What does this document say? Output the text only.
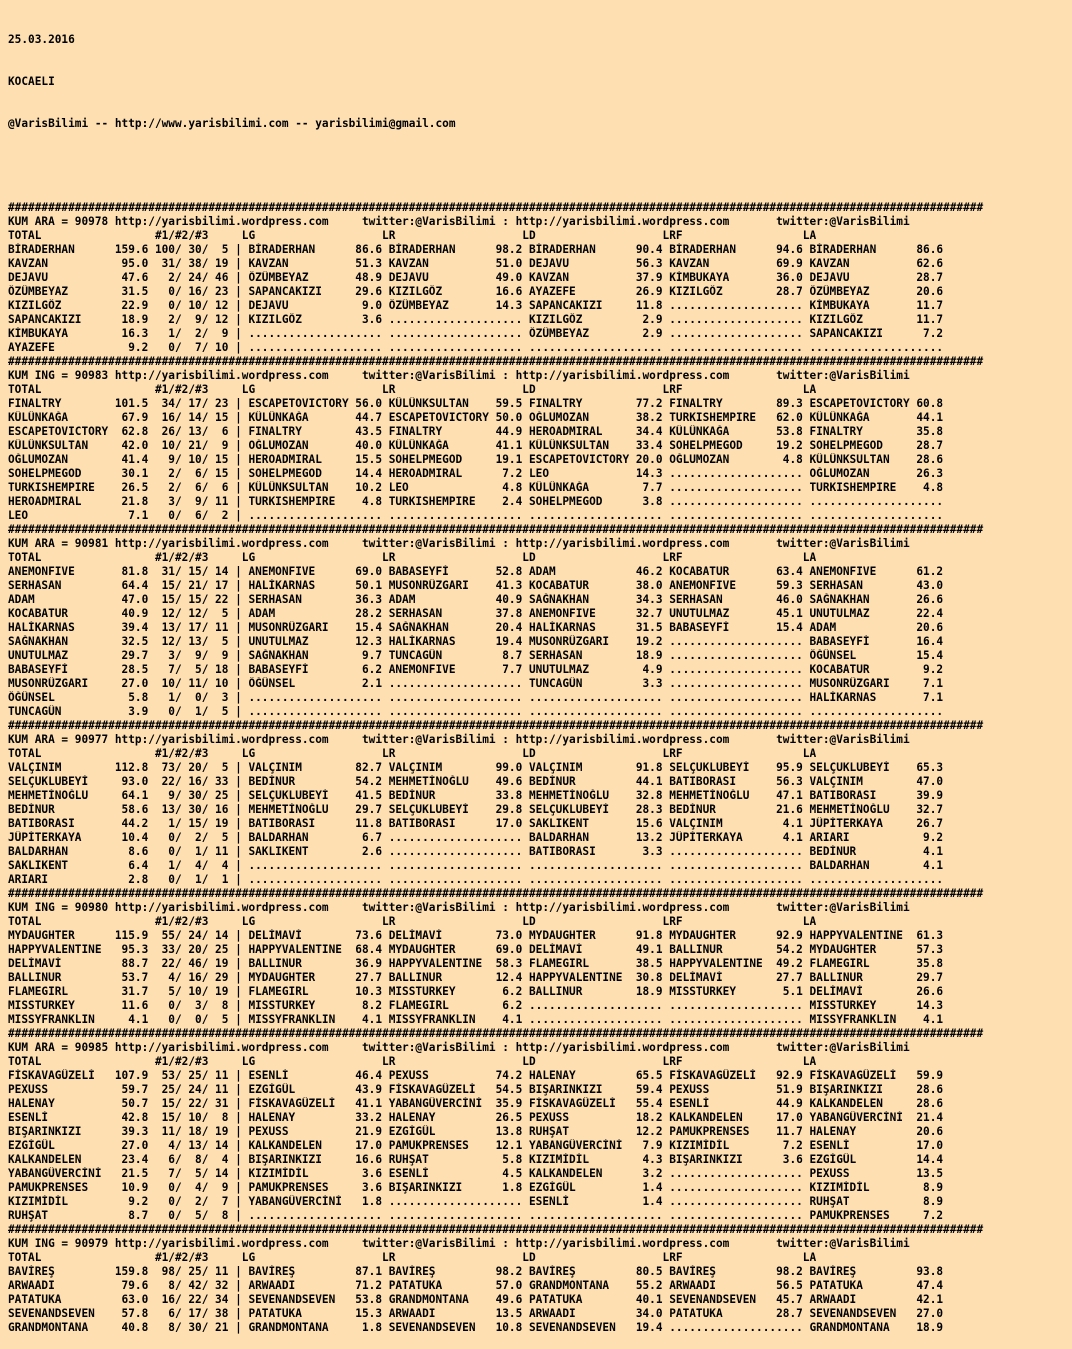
25.03.2016

KOCAELI

@VarisBilimi -- http://www.yarisbilimi.com -- yarisbilimi@gmail.com

##################################################################################################################################################
KUM ARA = 90978 http://yarisbilimi.wordpress.com     twitter:@VarisBilimi : http://yarisbilimi.wordpress.com       twitter:@VarisBilimi
TOTAL                 #1/#2/#3     LG                   LR                   LD                   LRF                  LA
BİRADERHAN      159.6 100/ 30/  5 | BİRADERHAN      86.6 BİRADERHAN      98.2 BİRADERHAN      90.4 BİRADERHAN      94.6 BİRADERHAN      86.6
KAVZAN           95.0  31/ 38/ 19 | KAVZAN          51.3 KAVZAN          51.0 DEJAVU          56.3 KAVZAN          69.9 KAVZAN          62.6
DEJAVU           47.6   2/ 24/ 46 | ÖZÜMBEYAZ       48.9 DEJAVU          49.0 KAVZAN          37.9 KİMBUKAYA       36.0 DEJAVU          28.7
ÖZÜMBEYAZ        31.5   0/ 16/ 23 | SAPANCAKIZI     29.6 KIZILGÖZ        16.6 AYAZEFE         26.9 KIZILGÖZ        28.7 ÖZÜMBEYAZ       20.6
KIZILGÖZ         22.9   0/ 10/ 12 | DEJAVU           9.0 ÖZÜMBEYAZ       14.3 SAPANCAKIZI     11.8 .................... KİMBUKAYA       11.7
SAPANCAKIZI      18.9   2/  9/ 12 | KIZILGÖZ         3.6 .................... KIZILGÖZ         2.9 .................... KIZILGÖZ        11.7
KİMBUKAYA        16.3   1/  2/  9 | .................... .................... ÖZÜMBEYAZ        2.9 .................... SAPANCAKIZI      7.2
AYAZEFE           9.2   0/  7/ 10 | .................... .................... .................... .................... ....................
##################################################################################################################################################
KUM ING = 90983 http://yarisbilimi.wordpress.com     twitter:@VarisBilimi : http://yarisbilimi.wordpress.com       twitter:@VarisBilimi
TOTAL                 #1/#2/#3     LG                   LR                   LD                   LRF                  LA
FINALTRY        101.5  34/ 17/ 23 | ESCAPETOVICTORY 56.0 KÜLÜNKSULTAN    59.5 FINALTRY        77.2 FINALTRY        89.3 ESCAPETOVICTORY 60.8
KÜLÜNKAĞA        67.9  16/ 14/ 15 | KÜLÜNKAĞA       44.7 ESCAPETOVICTORY 50.0 OĞLUMOZAN       38.2 TURKISHEMPIRE   62.0 KÜLÜNKAĞA       44.1
ESCAPETOVICTORY  62.8  26/ 13/  6 | FINALTRY        43.5 FINALTRY        44.9 HEROADMIRAL     34.4 KÜLÜNKAĞA       53.8 FINALTRY        35.8
KÜLÜNKSULTAN     42.0  10/ 21/  9 | OĞLUMOZAN       40.0 KÜLÜNKAĞA       41.1 KÜLÜNKSULTAN    33.4 SOHELPMEGOD     19.2 SOHELPMEGOD     28.7
OĞLUMOZAN        41.4   9/ 10/ 15 | HEROADMIRAL     15.5 SOHELPMEGOD     19.1 ESCAPETOVICTORY 20.0 OĞLUMOZAN        4.8 KÜLÜNKSULTAN    28.6
SOHELPMEGOD      30.1   2/  6/ 15 | SOHELPMEGOD     14.4 HEROADMIRAL      7.2 LEO             14.3 .................... OĞLUMOZAN       26.3
TURKISHEMPIRE    26.5   2/  6/  6 | KÜLÜNKSULTAN    10.2 LEO              4.8 KÜLÜNKAĞA        7.7 .................... TURKISHEMPIRE    4.8
HEROADMIRAL      21.8   3/  9/ 11 | TURKISHEMPIRE    4.8 TURKISHEMPIRE    2.4 SOHELPMEGOD      3.8 .................... ....................
LEO               7.1   0/  6/  2 | .................... .................... .................... .................... ....................
##################################################################################################################################################
KUM ARA = 90981 http://yarisbilimi.wordpress.com     twitter:@VarisBilimi : http://yarisbilimi.wordpress.com       twitter:@VarisBilimi
TOTAL                 #1/#2/#3     LG                   LR                   LD                   LRF                  LA
ANEMONFIVE       81.8  31/ 15/ 14 | ANEMONFIVE      69.0 BABASEYFİ       52.8 ADAM            46.2 KOCABATUR       63.4 ANEMONFIVE      61.2
SERHASAN         64.4  15/ 21/ 17 | HALİKARNAS      50.1 MUSONRÜZGARI    41.3 KOCABATUR       38.0 ANEMONFIVE      59.3 SERHASAN        43.0
ADAM             47.0  15/ 15/ 22 | SERHASAN        36.3 ADAM            40.9 SAĞNAKHAN       34.3 SERHASAN        46.0 SAĞNAKHAN       26.6
KOCABATUR        40.9  12/ 12/  5 | ADAM            28.2 SERHASAN        37.8 ANEMONFIVE      32.7 UNUTULMAZ       45.1 UNUTULMAZ       22.4
HALİKARNAS       39.4  13/ 17/ 11 | MUSONRÜZGARI    15.4 SAĞNAKHAN       20.4 HALİKARNAS      31.5 BABASEYFİ       15.4 ADAM            20.6
SAĞNAKHAN        32.5  12/ 13/  5 | UNUTULMAZ       12.3 HALİKARNAS      19.4 MUSONRÜZGARI    19.2 .................... BABASEYFİ       16.4
UNUTULMAZ        29.7   3/  9/  9 | SAĞNAKHAN        9.7 TUNCAGÜN         8.7 SERHASAN        18.9 .................... ÖĞÜNSEL         15.4
BABASEYFİ        28.5   7/  5/ 18 | BABASEYFİ        6.2 ANEMONFIVE       7.7 UNUTULMAZ        4.9 .................... KOCABATUR        9.2
MUSONRÜZGARI     27.0  10/ 11/ 10 | ÖĞÜNSEL          2.1 .................... TUNCAGÜN         3.3 .................... MUSONRÜZGARI     7.1
ÖĞÜNSEL           5.8   1/  0/  3 | .................... .................... .................... .................... HALİKARNAS       7.1
TUNCAGÜN          3.9   0/  1/  5 | .................... .................... .................... .................... ....................
##################################################################################################################################################
KUM ARA = 90977 http://yarisbilimi.wordpress.com     twitter:@VarisBilimi : http://yarisbilimi.wordpress.com       twitter:@VarisBilimi
TOTAL                 #1/#2/#3     LG                   LR                   LD                   LRF                  LA
VALÇINIM        112.8  73/ 20/  5 | VALÇINIM        82.7 VALÇINIM        99.0 VALÇINIM        91.8 SELÇUKLUBEYİ    95.9 SELÇUKLUBEYİ    65.3
SELÇUKLUBEYİ     93.0  22/ 16/ 33 | BEDİNUR         54.2 MEHMETİNOĞLU    49.6 BEDİNUR         44.1 BATIBORASI      56.3 VALÇINIM        47.0
MEHMETİNOĞLU     64.1   9/ 30/ 25 | SELÇUKLUBEYİ    41.5 BEDİNUR         33.8 MEHMETİNOĞLU    32.8 MEHMETİNOĞLU    47.1 BATIBORASI      39.9
BEDİNUR          58.6  13/ 30/ 16 | MEHMETİNOĞLU    29.7 SELÇUKLUBEYİ    29.8 SELÇUKLUBEYİ    28.3 BEDİNUR         21.6 MEHMETİNOĞLU    32.7
BATIBORASI       44.2   1/ 15/ 19 | BATIBORASI      11.8 BATIBORASI      17.0 SAKLIKENT       15.6 VALÇINIM         4.1 JÜPİTERKAYA     26.7
JÜPİTERKAYA      10.4   0/  2/  5 | BALDARHAN        6.7 .................... BALDARHAN       13.2 JÜPİTERKAYA      4.1 ARIARI           9.2
BALDARHAN         8.6   0/  1/ 11 | SAKLIKENT        2.6 .................... BATIBORASI       3.3 .................... BEDİNUR          4.1
SAKLIKENT         6.4   1/  4/  4 | .................... .................... .................... .................... BALDARHAN        4.1
ARIARI            2.8   0/  1/  1 | .................... .................... .................... .................... ....................
##################################################################################################################################################
KUM ING = 90980 http://yarisbilimi.wordpress.com     twitter:@VarisBilimi : http://yarisbilimi.wordpress.com       twitter:@VarisBilimi
TOTAL                 #1/#2/#3     LG                   LR                   LD                   LRF                  LA
MYDAUGHTER      115.9  55/ 24/ 14 | DELİMAVİ        73.6 DELİMAVİ        73.0 MYDAUGHTER      91.8 MYDAUGHTER      92.9 HAPPYVALENTINE  61.3
HAPPYVALENTINE   95.3  33/ 20/ 25 | HAPPYVALENTINE  68.4 MYDAUGHTER      69.0 DELİMAVİ        49.1 BALLINUR        54.2 MYDAUGHTER      57.3
DELİMAVİ         88.7  22/ 46/ 19 | BALLINUR        36.9 HAPPYVALENTINE  58.3 FLAMEGIRL       38.5 HAPPYVALENTINE  49.2 FLAMEGIRL       35.8
BALLINUR         53.7   4/ 16/ 29 | MYDAUGHTER      27.7 BALLINUR        12.4 HAPPYVALENTINE  30.8 DELİMAVİ        27.7 BALLINUR        29.7
FLAMEGIRL        31.7   5/ 10/ 19 | FLAMEGIRL       10.3 MISSTURKEY       6.2 BALLINUR        18.9 MISSTURKEY       5.1 DELİMAVİ        26.6
MISSTURKEY       11.6   0/  3/  8 | MISSTURKEY       8.2 FLAMEGIRL        6.2 .................... .................... MISSTURKEY      14.3
MISSYFRANKLIN     4.1   0/  0/  5 | MISSYFRANKLIN    4.1 MISSYFRANKLIN    4.1 .................... .................... MISSYFRANKLIN    4.1
##################################################################################################################################################
KUM ARA = 90985 http://yarisbilimi.wordpress.com     twitter:@VarisBilimi : http://yarisbilimi.wordpress.com       twitter:@VarisBilimi
TOTAL                 #1/#2/#3     LG                   LR                   LD                   LRF                  LA
FİSKAVAGÜZELİ   107.9  53/ 25/ 11 | ESENLİ          46.4 PEXUSS          74.2 HALENAY         65.5 FİSKAVAGÜZELİ   92.9 FİSKAVAGÜZELİ   59.9
PEXUSS           59.7  25/ 24/ 11 | EZGİGÜL         43.9 FİSKAVAGÜZELİ   54.5 BIŞARINKIZI     59.4 PEXUSS          51.9 BIŞARINKIZI     28.6
HALENAY          50.7  15/ 22/ 31 | FİSKAVAGÜZELİ   41.1 YABANGÜVERCİNİ  35.9 FİSKAVAGÜZELİ   55.4 ESENLİ          44.9 KALKANDELEN     28.6
ESENLİ           42.8  15/ 10/  8 | HALENAY         33.2 HALENAY         26.5 PEXUSS          18.2 KALKANDELEN     17.0 YABANGÜVERCİNİ  21.4
BIŞARINKIZI      39.3  11/ 18/ 19 | PEXUSS          21.9 EZGİGÜL         13.8 RUHŞAT          12.2 PAMUKPRENSES    11.7 HALENAY         20.6
EZGİGÜL          27.0   4/ 13/ 14 | KALKANDELEN     17.0 PAMUKPRENSES    12.1 YABANGÜVERCİNİ   7.9 KIZIMİDİL        7.2 ESENLİ          17.0
KALKANDELEN      23.4   6/  8/  4 | BIŞARINKIZI     16.6 RUHŞAT           5.8 KIZIMİDİL        4.3 BIŞARINKIZI      3.6 EZGİGÜL         14.4
YABANGÜVERCİNİ   21.5   7/  5/ 14 | KIZIMİDİL        3.6 ESENLİ           4.5 KALKANDELEN      3.2 .................... PEXUSS          13.5
PAMUKPRENSES     10.9   0/  4/  9 | PAMUKPRENSES     3.6 BIŞARINKIZI      1.8 EZGİGÜL          1.4 .................... KIZIMİDİL        8.9
KIZIMİDİL         9.2   0/  2/  7 | YABANGÜVERCİNİ   1.8 .................... ESENLİ           1.4 .................... RUHŞAT           8.9
RUHŞAT            8.7   0/  5/  8 | .................... .................... .................... .................... PAMUKPRENSES     7.2
##################################################################################################################################################
KUM ING = 90979 http://yarisbilimi.wordpress.com     twitter:@VarisBilimi : http://yarisbilimi.wordpress.com       twitter:@VarisBilimi
TOTAL                 #1/#2/#3     LG                   LR                   LD                   LRF                  LA
BAVİREŞ         159.8  98/ 25/ 11 | BAVİREŞ         87.1 BAVİREŞ         98.2 BAVİREŞ         80.5 BAVİREŞ         98.2 BAVİREŞ         93.8
ARWAADI          79.6   8/ 42/ 32 | ARWAADI         71.2 PATATUKA        57.0 GRANDMONTANA    55.2 ARWAADI         56.5 PATATUKA        47.4
PATATUKA         63.0  16/ 22/ 34 | SEVENANDSEVEN   53.8 GRANDMONTANA    49.6 PATATUKA        40.1 SEVENANDSEVEN   45.7 ARWAADI         42.1
SEVENANDSEVEN    57.8   6/ 17/ 38 | PATATUKA        15.3 ARWAADI         13.5 ARWAADI         34.0 PATATUKA        28.7 SEVENANDSEVEN   27.0
GRANDMONTANA     40.8   8/ 30/ 21 | GRANDMONTANA     1.8 SEVENANDSEVEN   10.8 SEVENANDSEVEN   19.4 .................... GRANDMONTANA    18.9
